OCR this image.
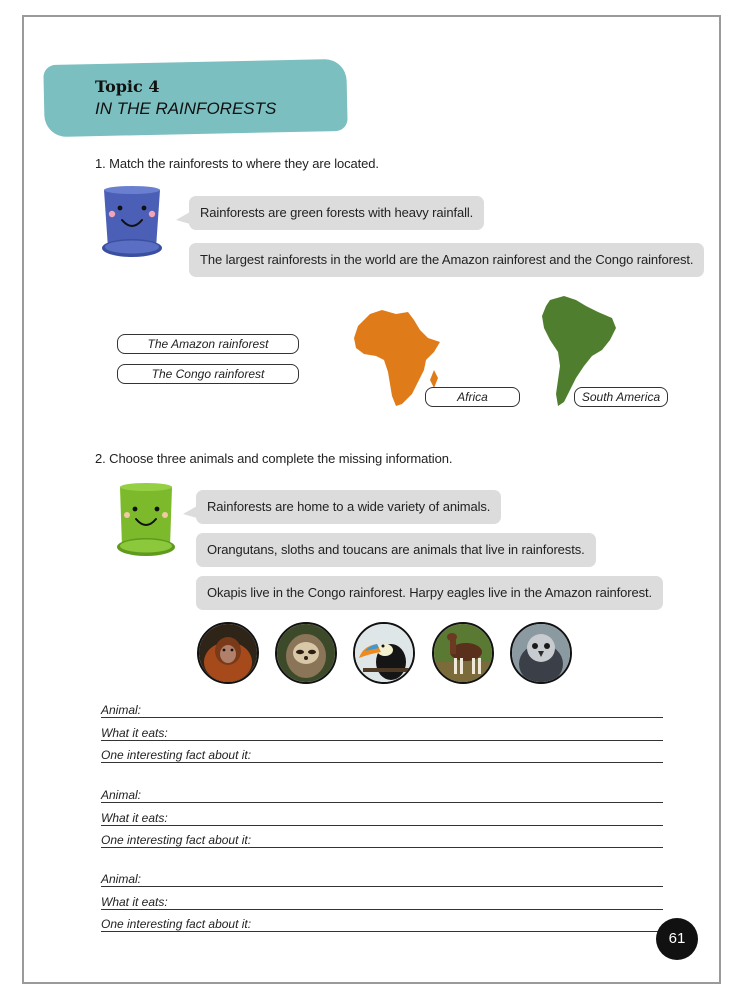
Topic 4
IN THE RAINFORESTS
1. Match the rainforests to where they are located.
Rainforests are green forests with heavy rainfall.
The largest rainforests in the world are the Amazon rainforest and the Congo rainforest.
The Amazon rainforest
The Congo rainforest
Africa	South America
2. Choose three animals and complete the missing information.
Rainforests are home to a wide variety of animals.
Orangutans, sloths and toucans are animals that live in rainforests.
Okapis live in the Congo rainforest. Harpy eagles live in the Amazon rainforest.
Animal:
What it eats:
One interesting fact about it:
Animal:
What it eats:
One interesting fact about it:
Animal:
What it eats:
One interesting fact about it:
61
